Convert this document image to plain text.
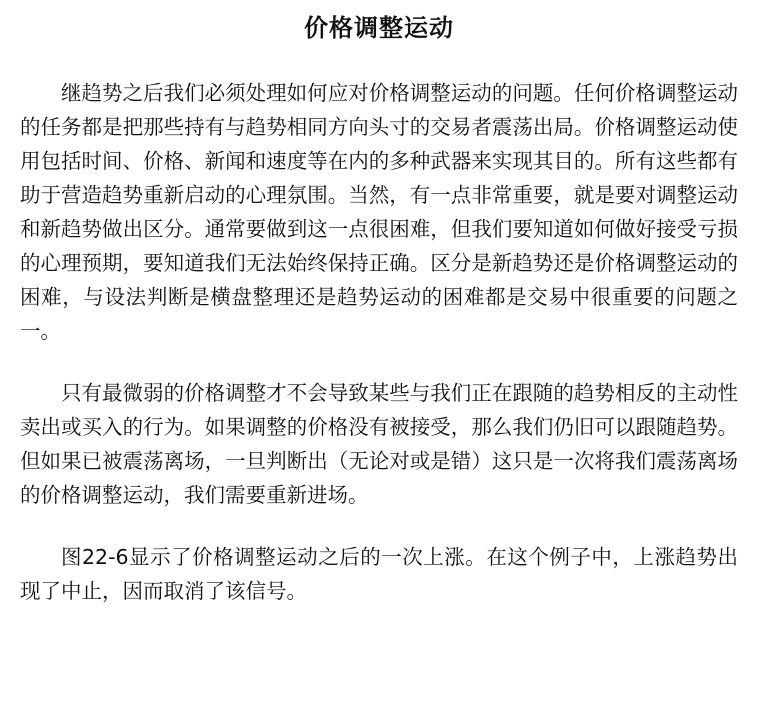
价格调整运动

继趋势之后我们必须处理如何应对价格调整运动的问题。任何价格调整运动的任务都是把那些持有与趋势相同方向头寸的交易者震荡出局。价格调整运动使用包括时间、价格、新闻和速度等在内的多种武器来实现其目的。所有这些都有助于营造趋势重新启动的心理氛围。当然，有一点非常重要，就是要对调整运动和新趋势做出区分。通常要做到这一点很困难，但我们要知道如何做好接受亏损的心理预期，要知道我们无法始终保持正确。区分是新趋势还是价格调整运动的困难，与设法判断是横盘整理还是趋势运动的困难都是交易中很重要的问题之一。

只有最微弱的价格调整才不会导致某些与我们正在跟随的趋势相反的主动性卖出或买入的行为。如果调整的价格没有被接受，那么我们仍旧可以跟随趋势。但如果已被震荡离场，一旦判断出（无论对或是错）这只是一次将我们震荡离场的价格调整运动，我们需要重新进场。

图22-6显示了价格调整运动之后的一次上涨。在这个例子中，上涨趋势出现了中止，因而取消了该信号。
